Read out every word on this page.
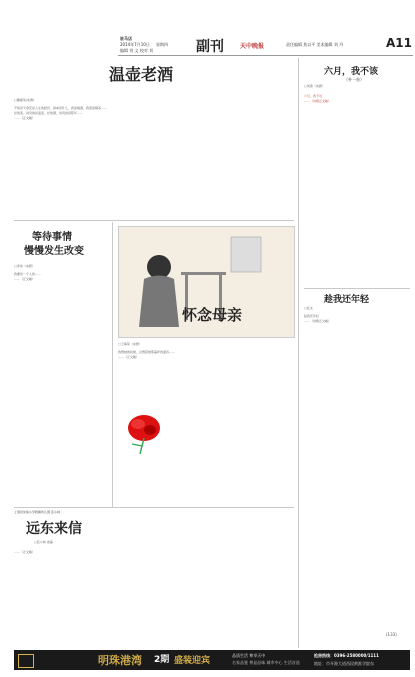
驻马店
2014年7月10日 星期四
编辑 刘 文 校对 刘	副刊	天中晚报	责任编辑 焦以平 美术编辑 刘 丹	A11
温壶老酒
□魏霖荣(来源)
不知是天命还是人生的经历，抑或是什么，我爱喝酒，我更爱喝茶……
好的茶，讲究的是温壶，好的酒，讲究的是陈年……
……（正文略）
等待事情
慢慢发生改变
□李伟（来源）
我要是一个人的……
……（正文略）
怀念母亲
□王梅荣（来源）
我想她的时候，总想起她那慈祥的面容……
……（正文略）
六月，我不该
（外一首）
□刘燕（来源）
六月，我不该
……（诗歌正文略）
趁我还年轻
□张文
趁我还年轻
……（诗歌正文略）
(133)
上蔡县实验小学附属幼儿园 张小林
远东来信
□张小林 选编
……（正文略）
明珠港湾 2期 盛装迎宾
品质生活 尊享天中
名家品鉴 尊显品味 城市中心 生活首选
抢房热线：0396-2580000/1111
地址：市开源大道西段黄淮学院东
